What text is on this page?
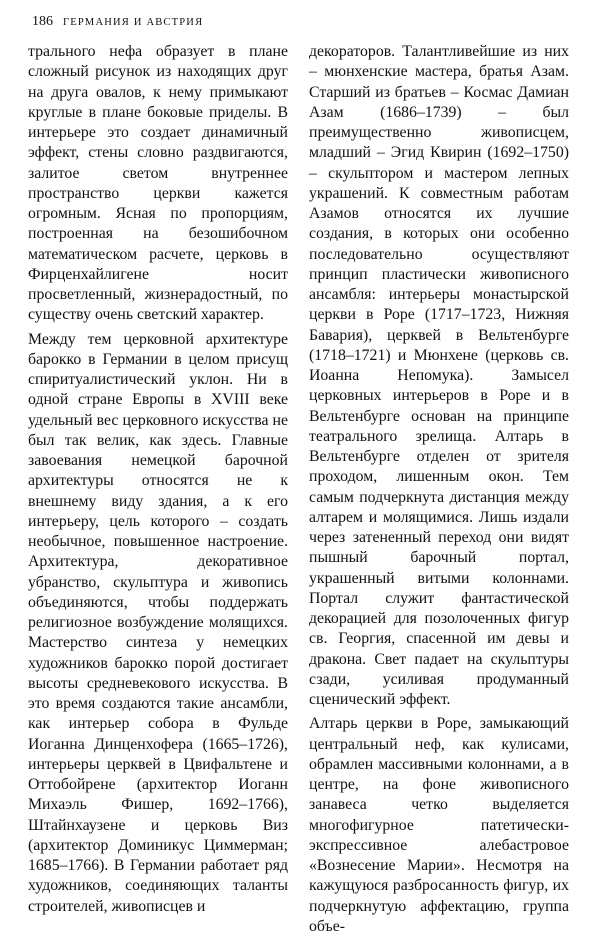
186 ГЕРМАНИЯ И АВСТРИЯ

трального нефа образует в плане сложный рисунок из находящих друг на друга овалов, к нему примыкают круглые в плане боковые приделы. В интерьере это создает динамичный эффект, стены словно раздвигаются, залитое светом внутреннее пространство церкви кажется огромным. Ясная по пропорциям, построенная на безошибочном математическом расчете, церковь в Фирценхайлигене носит просветленный, жизнерадостный, по существу очень светский характер.

Между тем церковной архитектуре барокко в Германии в целом присущ спиритуалистический уклон. Ни в одной стране Европы в XVIII веке удельный вес церковного искусства не был так велик, как здесь. Главные завоевания немецкой барочной архитектуры относятся не к внешнему виду здания, а к его интерьеру, цель которого – создать необычное, повышенное настроение. Архитектура, декоративное убранство, скульптура и живопись объединяются, чтобы поддержать религиозное возбуждение молящихся. Мастерство синтеза у немецких художников барокко порой достигает высоты средневекового искусства. В это время создаются такие ансамбли, как интерьер собора в Фульде Иоганна Динценхофера (1665–1726), интерьеры церквей в Цвифальтене и Оттобойрене (архитектор Иоганн Михаэль Фишер, 1692–1766), Штайнхаузене и церковь Виз (архитектор Доминикус Циммерман; 1685–1766). В Германии работает ряд художников, соединяющих таланты строителей, живописцев и

декораторов. Талантливейшие из них – мюнхенские мастера, братья Азам. Старший из братьев – Космас Дамиан Азам (1686–1739) – был преимущественно живописцем, младший – Эгид Квирин (1692–1750) – скульптором и мастером лепных украшений. К совместным работам Азамов относятся их лучшие создания, в которых они особенно последовательно осуществляют принцип пластически живописного ансамбля: интерьеры монастырской церкви в Роре (1717–1723, Нижняя Бавария), церквей в Вельтенбурге (1718–1721) и Мюнхене (церковь св. Иоанна Непомука). Замысел церковных интерьеров в Роре и в Вельтенбурге основан на принципе театрального зрелища. Алтарь в Вельтенбурге отделен от зрителя проходом, лишенным окон. Тем самым подчеркнута дистанция между алтарем и молящимися. Лишь издали через затененный переход они видят пышный барочный портал, украшенный витыми колоннами. Портал служит фантастической декорацией для позолоченных фигур св. Георгия, спасенной им девы и дракона. Свет падает на скульптуры сзади, усиливая продуманный сценический эффект.

Алтарь церкви в Роре, замыкающий центральный неф, как кулисами, обрамлен массивными колоннами, а в центре, на фоне живописного занавеса четко выделяется многофигурное патетически-экспрессивное алебастровое «Вознесение Марии». Несмотря на кажущуюся разбросанность фигур, их подчеркнутую аффектацию, группа объе-
